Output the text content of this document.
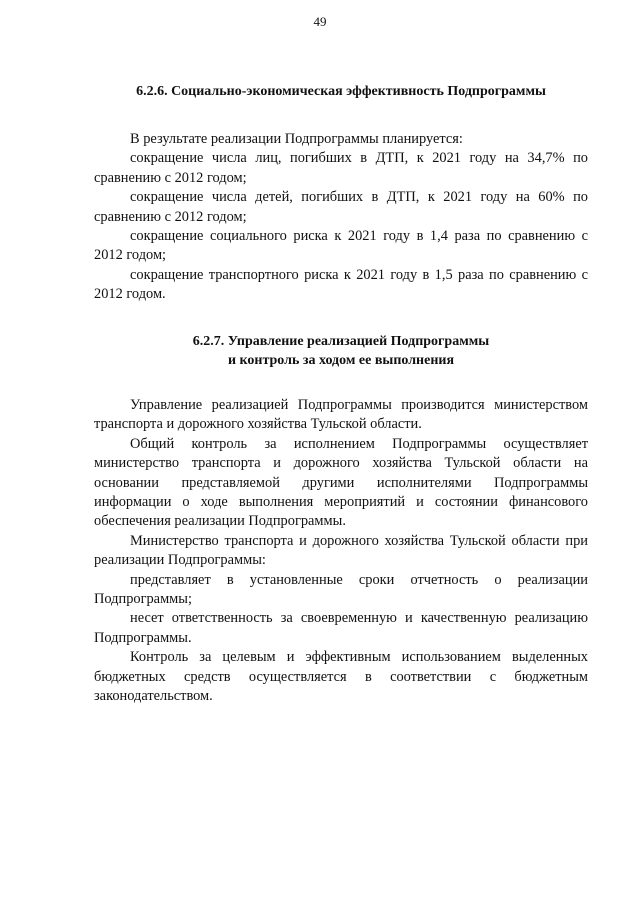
49
6.2.6. Социально-экономическая эффективность Подпрограммы

В результате реализации Подпрограммы планируется:

сокращение числа лиц, погибших в ДТП, к 2021 году на 34,7% по сравнению с 2012 годом;

сокращение числа детей, погибших в ДТП, к 2021 году на 60% по сравнению с 2012 годом;

сокращение социального риска к 2021 году в 1,4 раза по сравнению с 2012 годом;

сокращение транспортного риска к 2021 году в 1,5 раза по сравнению с 2012 годом.

6.2.7. Управление реализацией Подпрограммы
и контроль за ходом ее выполнения

Управление реализацией Подпрограммы производится министерством транспорта и дорожного хозяйства Тульской области.

Общий контроль за исполнением Подпрограммы осуществляет министерство транспорта и дорожного хозяйства Тульской области на основании представляемой другими исполнителями Подпрограммы информации о ходе выполнения мероприятий и состоянии финансового обеспечения реализации Подпрограммы.

Министерство транспорта и дорожного хозяйства Тульской области при реализации Подпрограммы:

представляет в установленные сроки отчетность о реализации Подпрограммы;

несет ответственность за своевременную и качественную реализацию Подпрограммы.

Контроль за целевым и эффективным использованием выделенных бюджетных средств осуществляется в соответствии с бюджетным законодательством.
